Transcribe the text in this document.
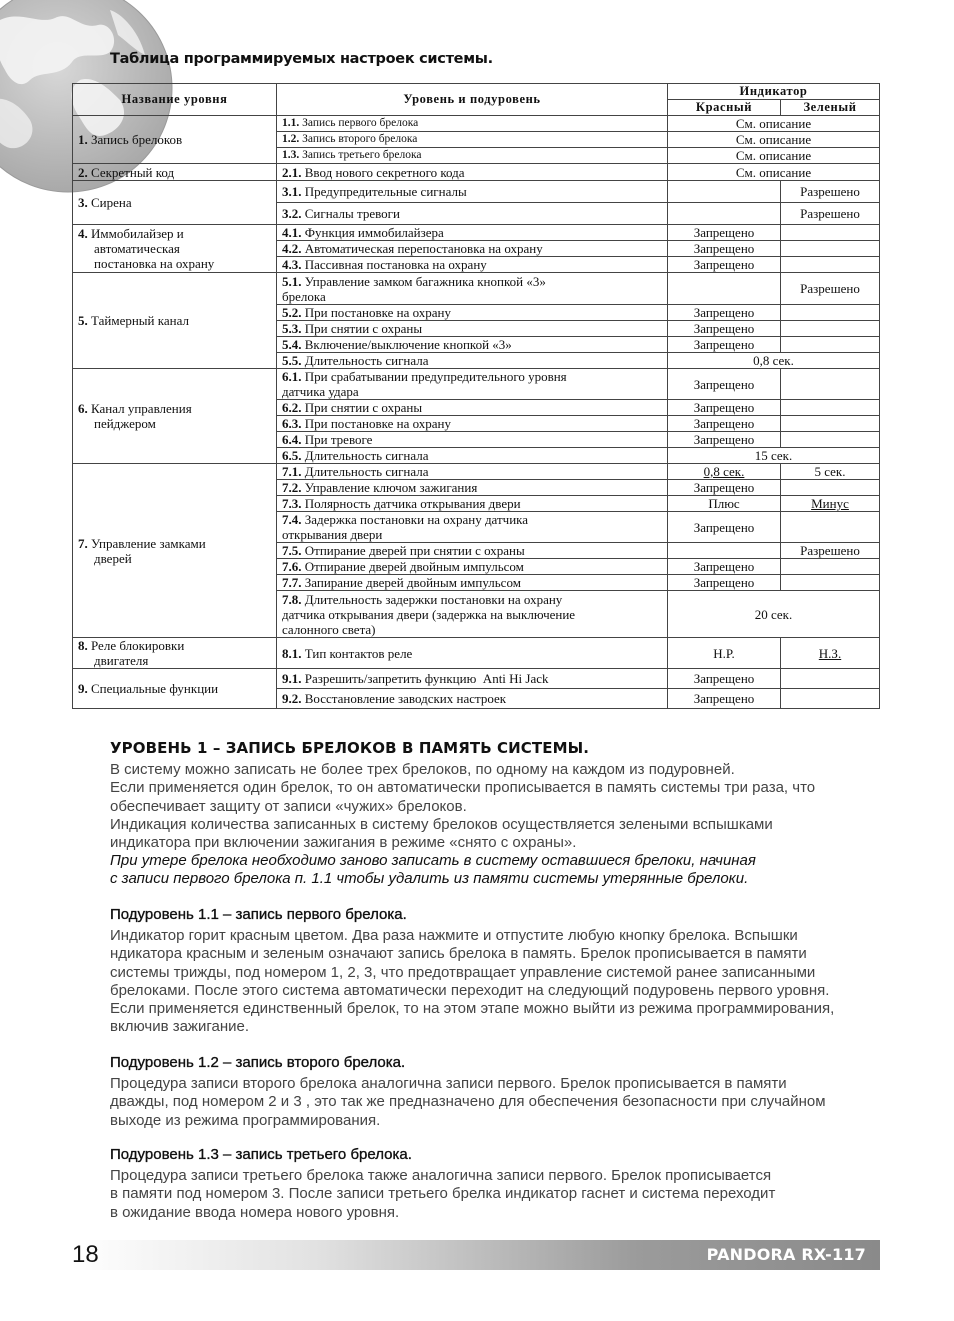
Таблица программируемых настроек системы.
Название уровня	Уровень и подуровень	Индикатор	
		Красный	Зеленый
1. Запись брелоков	1.1. Запись первого брелока	См. описание	
	1.2. Запись второго брелока	См. описание	
	1.3. Запись третьего брелока	См. описание	
2. Секретный код	2.1. Ввод нового секретного кода	См. описание	
3. Сирена	3.1. Предупредительные сигналы		Разрешено
	3.2. Сигналы тревоги		Разрешено
4. Иммобилайзер и
автоматическая
постановка на охрану	4.1. Функция иммобилайзера	Запрещено	
	4.2. Автоматическая перепостановка на охрану	Запрещено	
	4.3. Пассивная постановка на охрану	Запрещено	
5. Таймерный канал	5.1. Управление замком багажника кнопкой «3»
брелока		Разрешено
	5.2. При постановке на охрану	Запрещено	
	5.3. При снятии с охраны	Запрещено	
	5.4. Включение/выключение кнопкой «3»	Запрещено	
	5.5. Длительность сигнала	0,8 сек.	
6. Канал управления
пейджером	6.1. При срабатывании предупредительного уровня
датчика удара	Запрещено	
	6.2. При снятии с охраны	Запрещено	
	6.3. При постановке на охрану	Запрещено	
	6.4. При тревоге	Запрещено	
	6.5. Длительность сигнала	15 сек.	
7. Управление замками
дверей	7.1. Длительность сигнала	0,8 сек.	5 сек.
	7.2. Управление ключом зажигания	Запрещено	
	7.3. Полярность датчика открывания двери	Плюс	Минус
	7.4. Задержка постановки на охрану датчика
открывания двери	Запрещено	
	7.5. Отпирание дверей при снятии с охраны		Разрешено
	7.6. Отпирание дверей двойным импульсом	Запрещено	
	7.7. Запирание дверей двойным импульсом	Запрещено	
	7.8. Длительность задержки постановки на охрану
датчика открывания двери (задержка на выключение
салонного света)	20 сек.	
8. Реле блокировки
двигателя	8.1. Тип контактов реле	Н.Р.	Н.З.
9. Специальные функции	9.1. Разрешить/запретить функцию  Anti Hi Jack	Запрещено	
	9.2. Восстановление заводских настроек	Запрещено	
УРОВЕНЬ 1 – ЗАПИСЬ БРЕЛОКОВ В ПАМЯТЬ СИСТЕМЫ.
В систему можно записать не более трех брелоков, по одному на каждом из подуровней.
Если применяется один брелок, то он автоматически прописывается в память системы три раза, что
обеспечивает защиту от записи «чужих» брелоков.
Индикация количества записанных в систему брелоков осуществляется зелеными вспышками
индикатора при включении зажигания в режиме «снято с охраны».
При утере брелока необходимо заново записать в систему оставшиеся брелоки, начиная
с записи первого брелока п. 1.1 чтобы удалить из памяти системы утерянные брелоки.
Подуровень 1.1 – запись первого брелока.
Индикатор горит красным цветом. Два раза нажмите и отпустите любую кнопку брелока. Вспышки
ндикатора красным и зеленым означают запись брелока в память. Брелок прописывается в памяти
системы трижды, под номером 1, 2, 3, что предотвращает управление системой ранее записанными
брелоками. После этого система автоматически переходит на следующий подуровень первого уровня.
Если применяется единственный брелок, то на этом этапе можно выйти из режима программирования,
включив зажигание.
Подуровень 1.2 – запись второго брелока.
Процедура записи второго брелока аналогична записи первого. Брелок прописывается в памяти
дважды, под номером 2 и 3 , это так же предназначено для обеспечения безопасности при случайном
выходе из режима программирования.
Подуровень 1.3 – запись третьего брелока.
Процедура записи третьего брелока также аналогична записи первого. Брелок прописывается
в памяти под номером 3. После записи третьего брелка индикатор гаснет и система переходит
в ожидание ввода номера нового уровня.
18	PANDORA RX-117
